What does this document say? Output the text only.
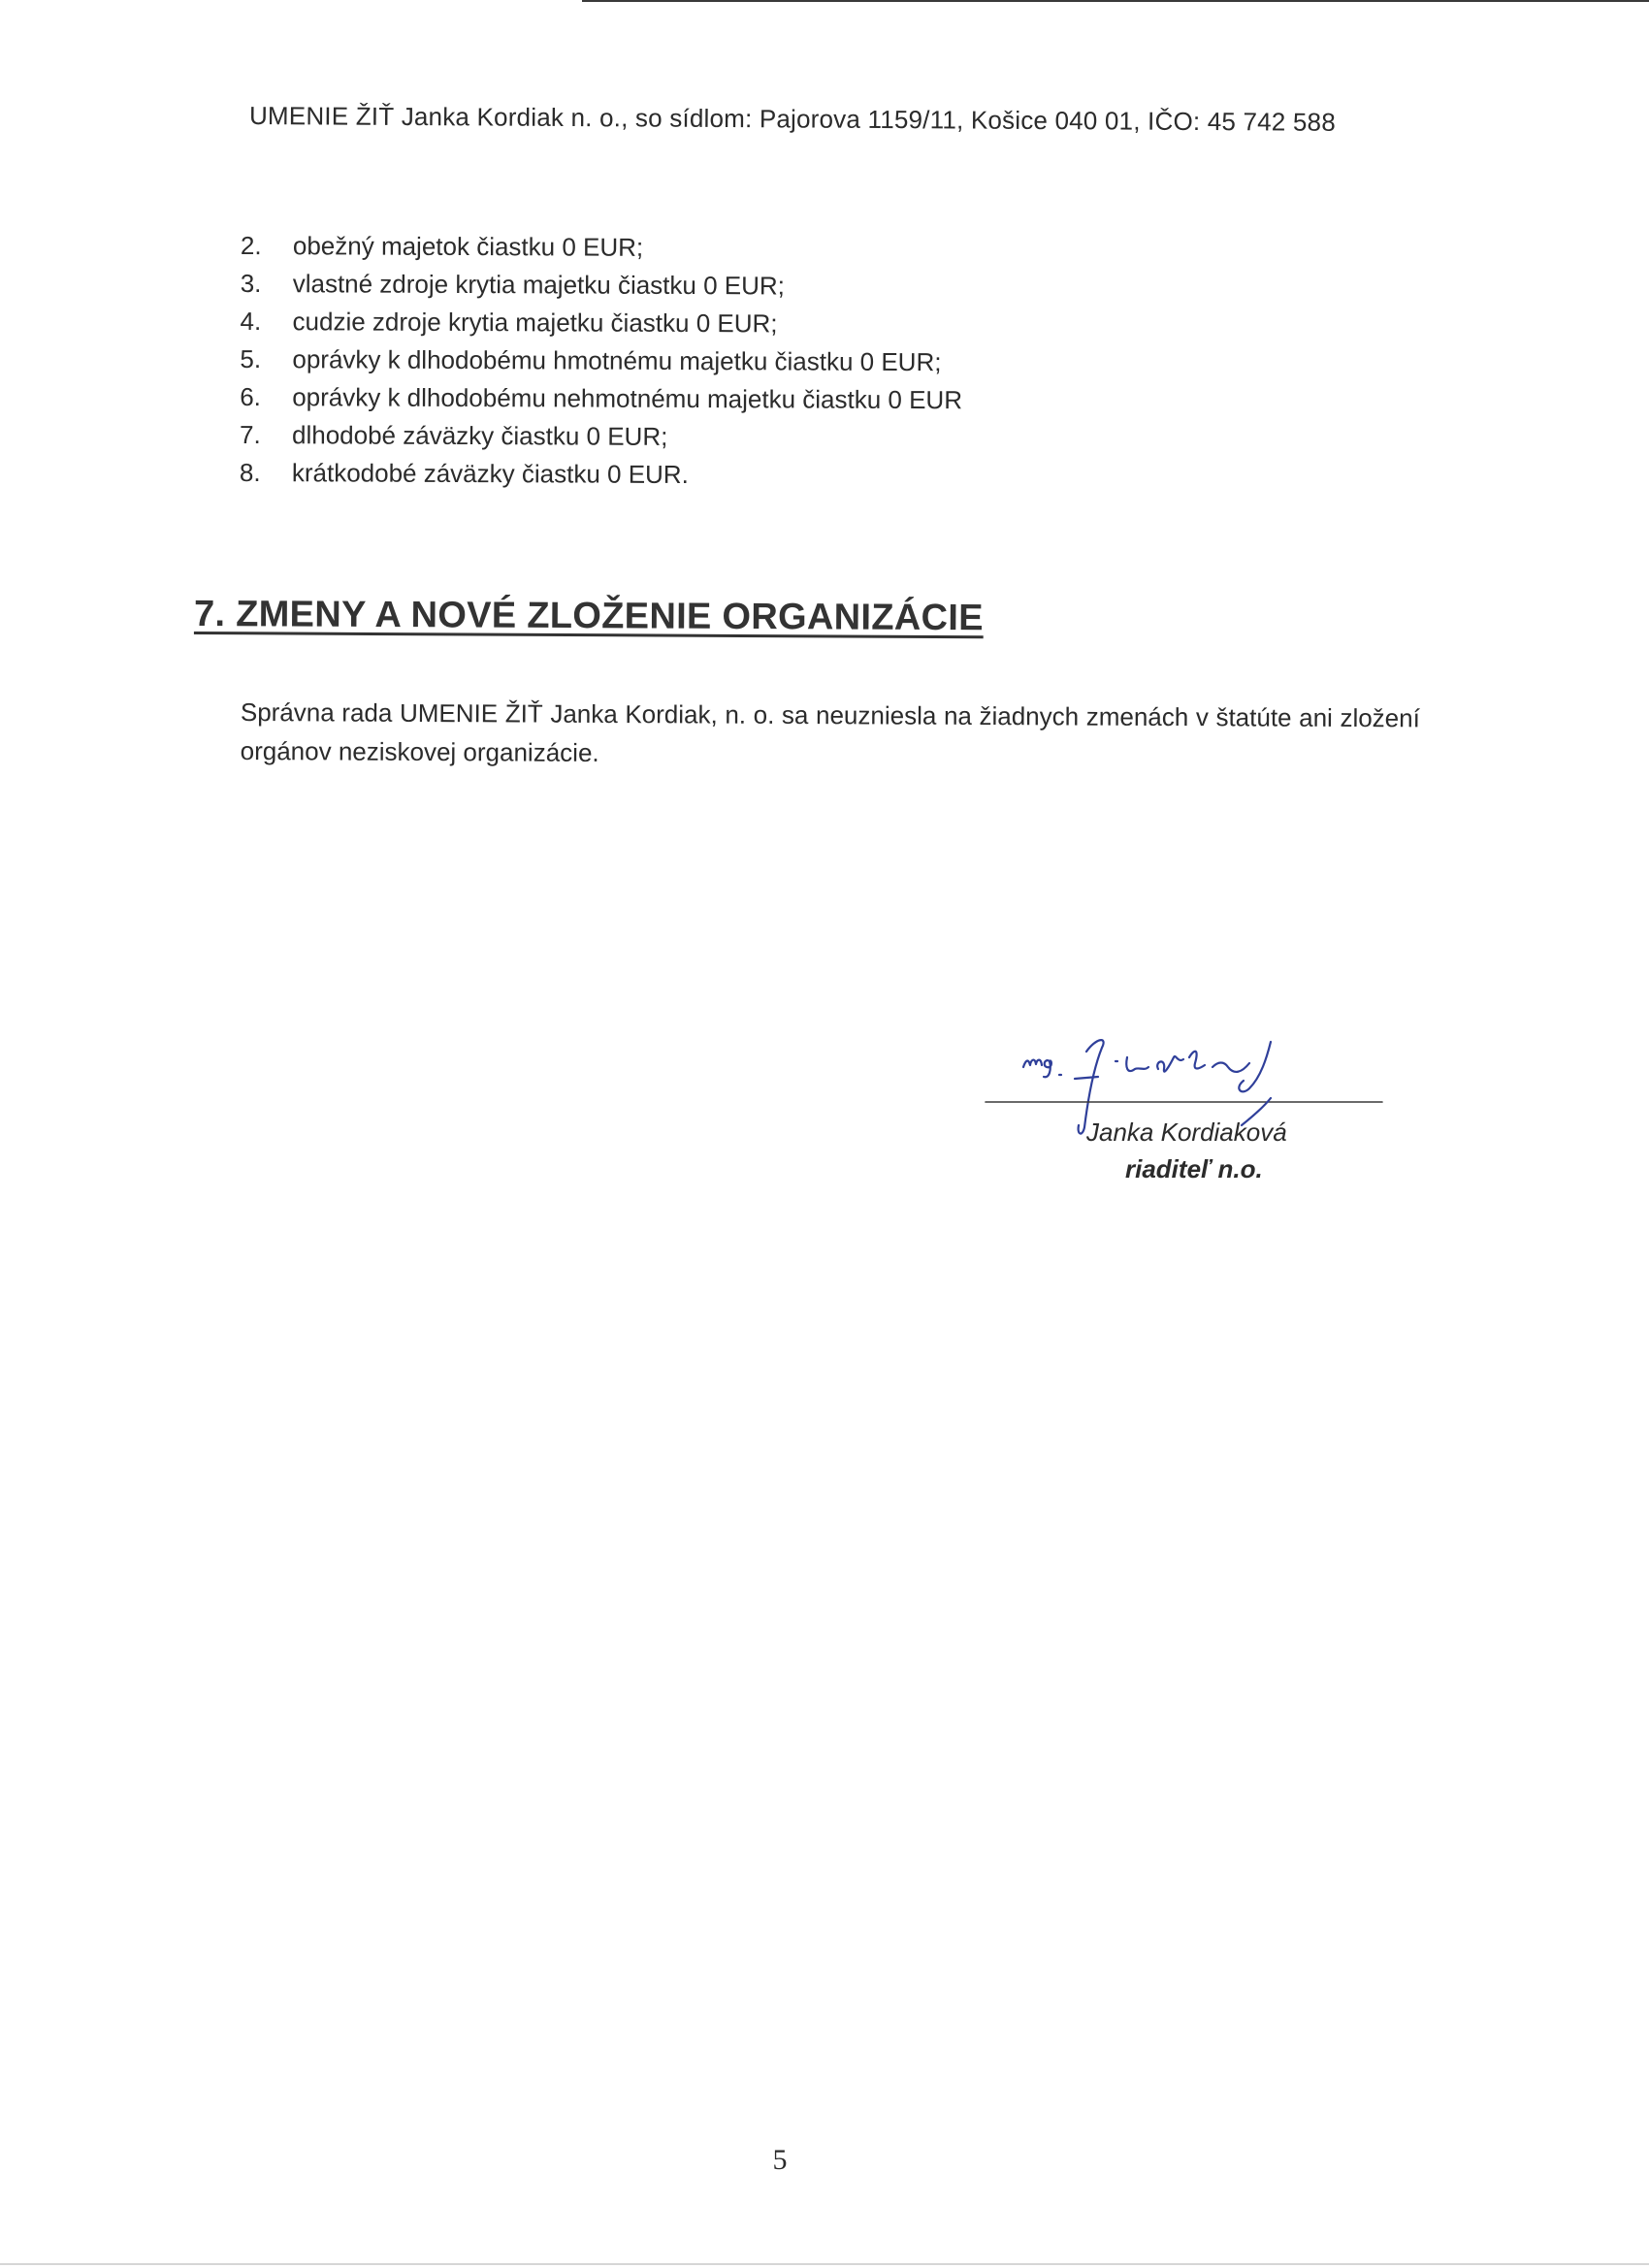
UMENIE ŽIŤ Janka Kordiak n. o., so sídlom: Pajorova 1159/11, Košice 040 01, IČO: 45 742 588
2. obežný majetok čiastku 0 EUR;
3. vlastné zdroje krytia majetku čiastku 0 EUR;
4. cudzie zdroje krytia majetku čiastku 0 EUR;
5. oprávky k dlhodobému hmotnému majetku čiastku 0 EUR;
6. oprávky k dlhodobému nehmotnému majetku čiastku 0 EUR
7. dlhodobé záväzky čiastku 0 EUR;
8. krátkodobé záväzky čiastku 0 EUR.
7. ZMENY A NOVÉ ZLOŽENIE ORGANIZÁCIE
Správna rada UMENIE ŽIŤ Janka Kordiak, n. o. sa neuzniesla na žiadnych zmenách v štatúte ani zložení orgánov neziskovej organizácie.
Janka Kordiaková
riaditeľ n.o.
5
